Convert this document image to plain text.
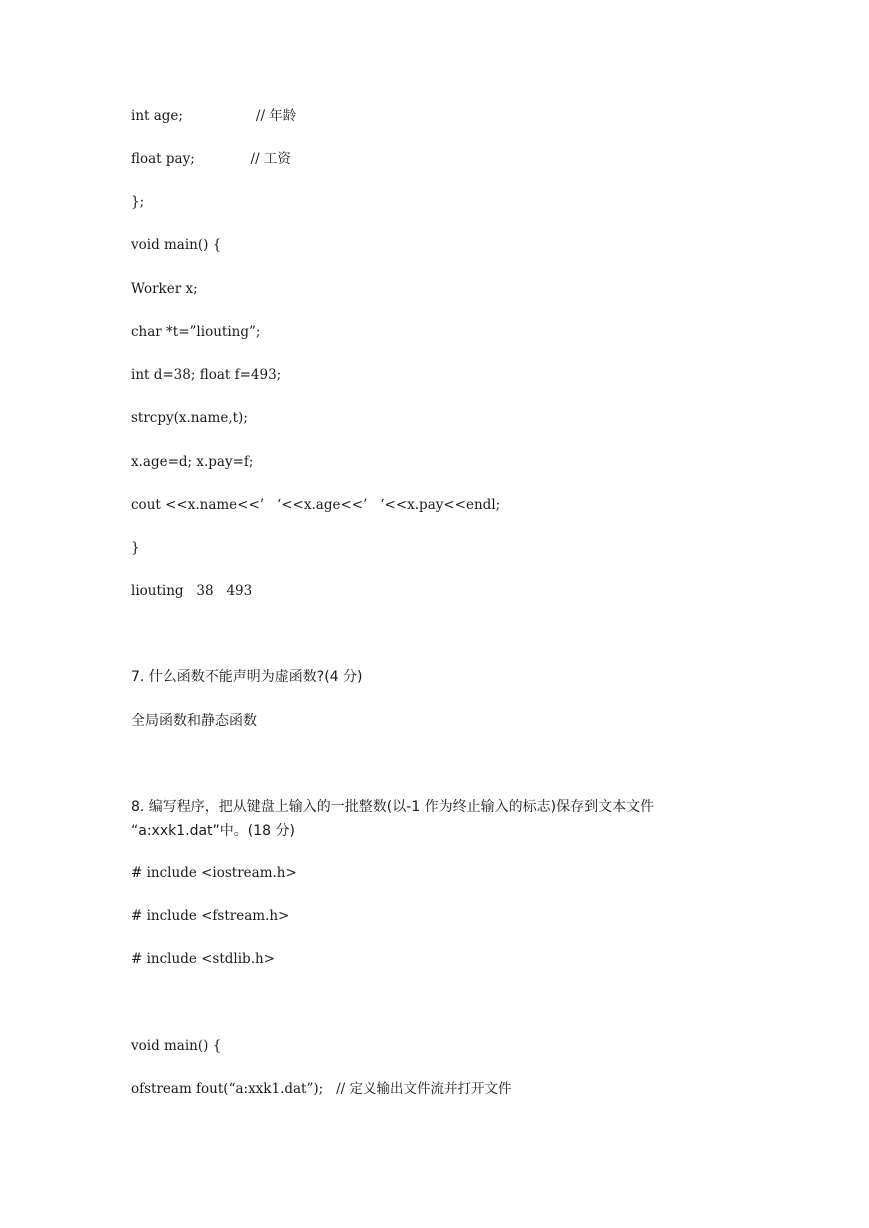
int age;                 // 年龄

float pay;             // 工资

};

void main() {

Worker x;

char *t=”liouting”;

int d=38; float f=493;

strcpy(x.name,t);

x.age=d; x.pay=f;

cout <<x.name<<’   ‘<<x.age<<’   ‘<<x.pay<<endl;

}

liouting   38   493

7. 什么函数不能声明为虚函数?(4 分)

全局函数和静态函数

8. 编写程序，把从键盘上输入的一批整数(以-1 作为终止输入的标志)保存到文本文件

“a:xxk1.dat”中。(18 分)

# include <iostream.h>

# include <fstream.h>

# include <stdlib.h>

void main() {

ofstream fout(“a:xxk1.dat”);   // 定义输出文件流并打开文件
